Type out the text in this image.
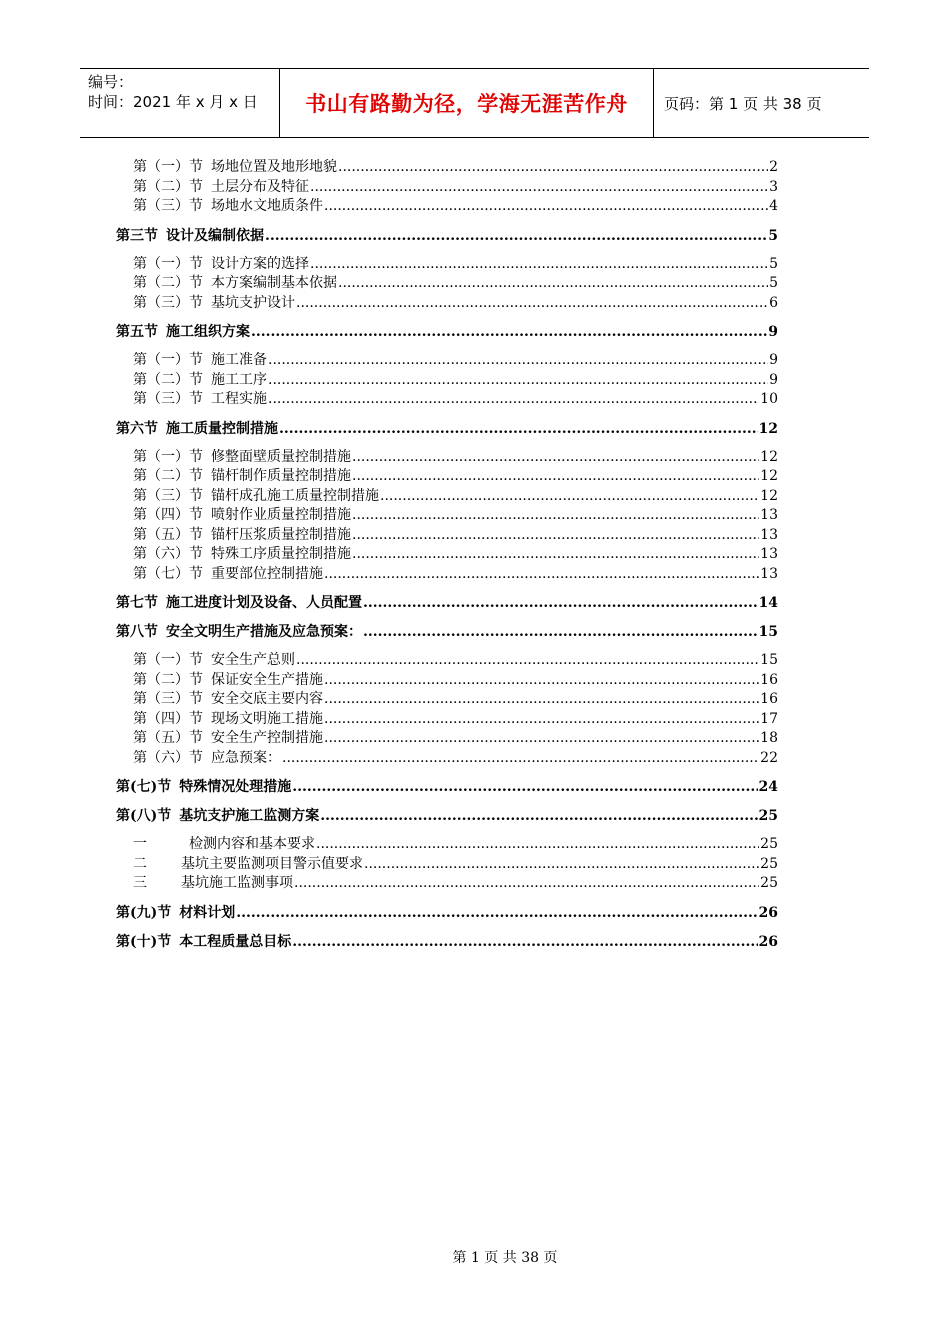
编号：
时间：2021 年 x 月 x 日	书山有路勤为径，学海无涯苦作舟	页码：第 1 页 共 38 页
第（一）节 场地位置及地形地貌 .....	2
第（二）节 土层分布及特征 .....	3
第（三）节 场地水文地质条件 .....	4
第三节 设计及编制依据 .....	5
第（一）节 设计方案的选择 .....	5
第（二）节 本方案编制基本依据 .....	5
第（三）节 基坑支护设计 .....	6
第五节 施工组织方案 .....	9
第（一）节 施工准备 .....	9
第（二）节 施工工序 .....	9
第（三）节 工程实施 .....	10
第六节 施工质量控制措施 .....	12
第（一）节 修整面壁质量控制措施 .....	12
第（二）节 锚杆制作质量控制措施 .....	12
第（三）节 锚杆成孔施工质量控制措施 .....	12
第（四）节 喷射作业质量控制措施 .....	13
第（五）节 锚杆压浆质量控制措施 .....	13
第（六）节 特殊工序质量控制措施 .....	13
第（七）节 重要部位控制措施 .....	13
第七节 施工进度计划及设备、人员配置 .....	14
第八节 安全文明生产措施及应急预案： .....	15
第（一）节 安全生产总则 .....	15
第（二）节 保证安全生产措施 .....	16
第（三）节 安全交底主要内容 .....	16
第（四）节 现场文明施工措施 .....	17
第（五）节 安全生产控制措施 .....	18
第（六）节 应急预案： .....	22
第(七)节 特殊情况处理措施 .....	24
第(八)节 基坑支护施工监测方案 .....	25
一	检测内容和基本要求 .....	25
二 基坑主要监测项目警示值要求 .....	25
三 基坑施工监测事项 .....	25
第(九)节 材料计划 .....	26
第(十)节 本工程质量总目标 .....	26
第 1 页 共 38 页
